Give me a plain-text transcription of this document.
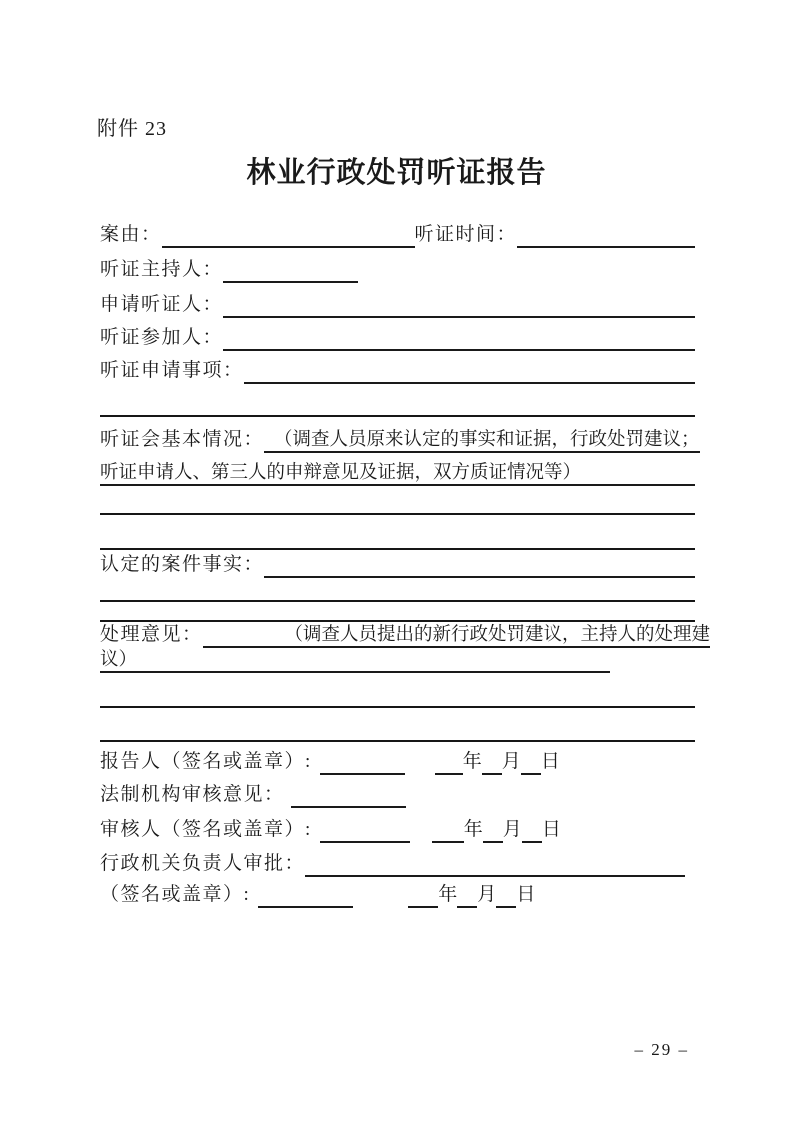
附件 23
林业行政处罚听证报告
案由：	听证时间：
听证主持人：
申请听证人：
听证参加人：
听证申请事项：
听证会基本情况： （调查人员原来认定的事实和证据，行政处罚建议；
听证申请人、第三人的申辩意见及证据，双方质证情况等）
认定的案件事实：
处理意见：	（调查人员提出的新行政处罚建议，主持人的处理建
议）
报告人（签名或盖章）:	年 月 日
法制机构审核意见：
审核人（签名或盖章）:	年 月 日
行政机关负责人审批：
（签名或盖章）:	年 月 日
– 29 –
